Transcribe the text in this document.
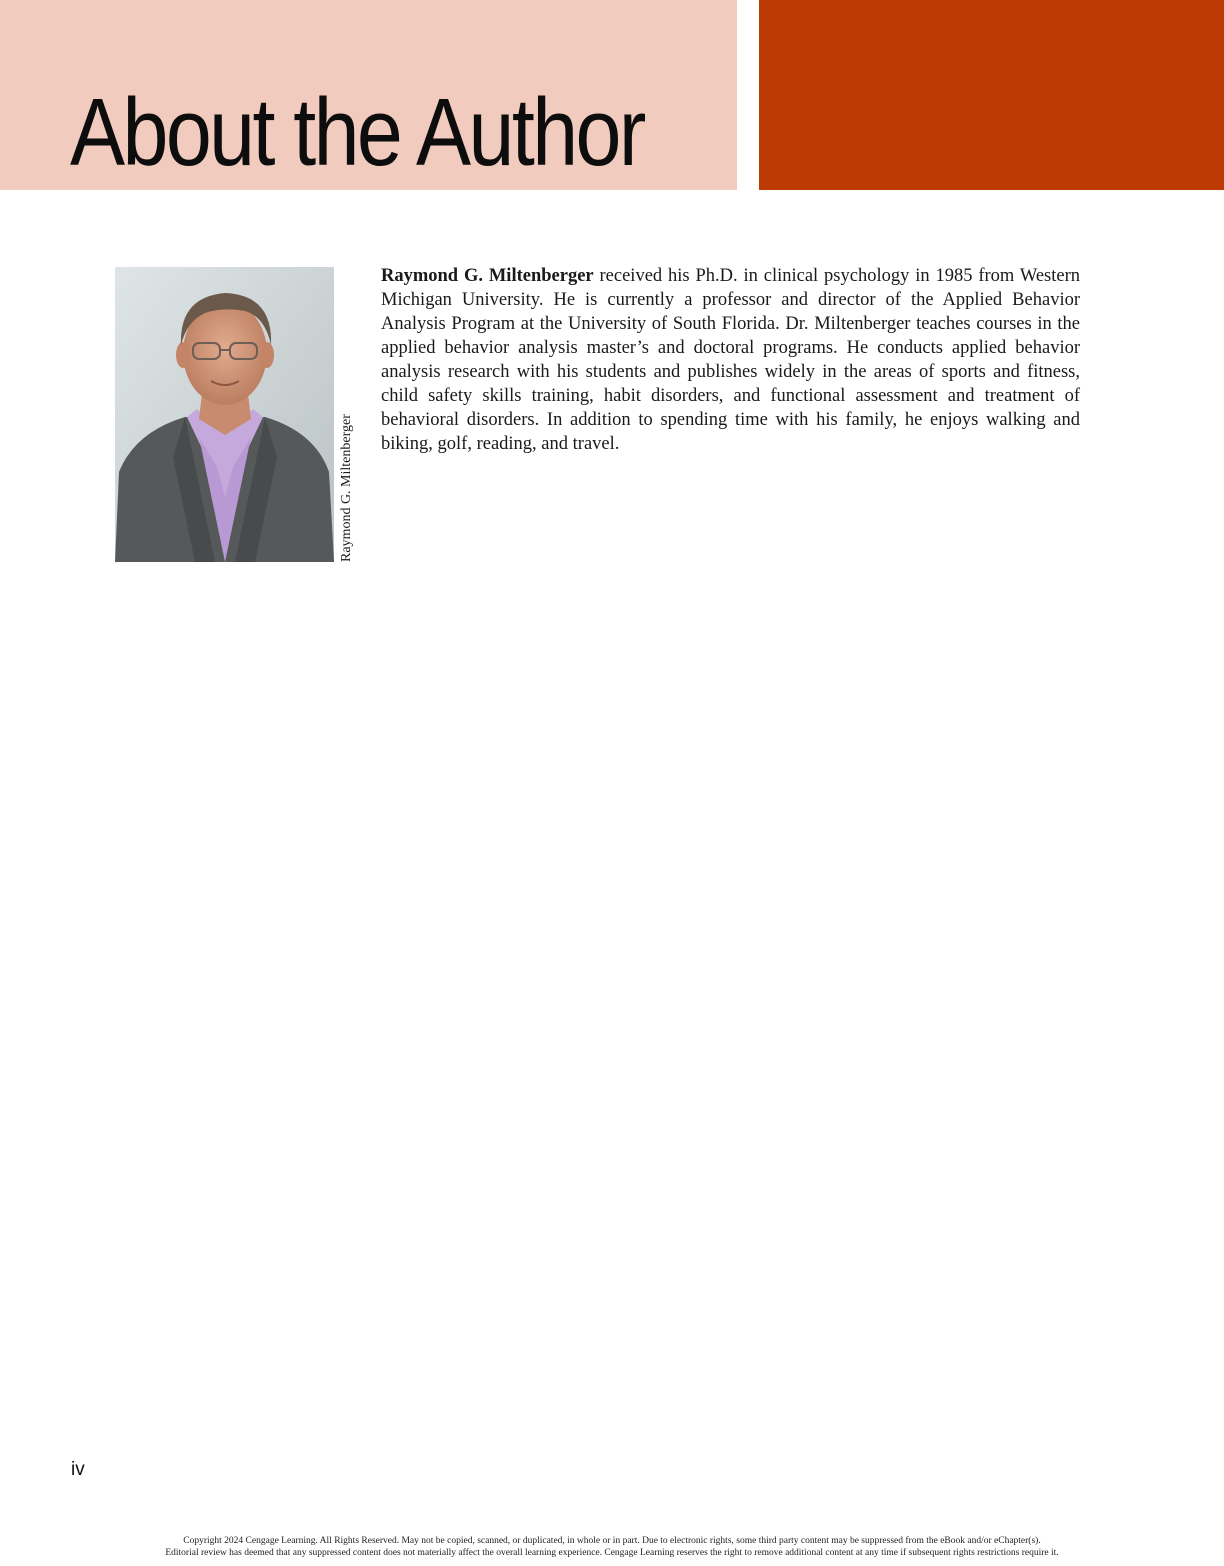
About the Author
Raymond G. Miltenberger

Raymond G. Miltenberger received his Ph.D. in clinical psychology in 1985 from Western Michigan University. He is currently a professor and director of the Applied Behavior Analysis Program at the University of South Florida. Dr. Miltenberger teaches courses in the applied behavior analysis master’s and doctoral programs. He conducts applied behavior analysis research with his students and publishes widely in the areas of sports and fitness, child safety skills training, habit disorders, and functional assessment and treatment of behavioral disorders. In addition to spending time with his family, he enjoys walking and biking, golf, reading, and travel.

iv
Copyright 2024 Cengage Learning. All Rights Reserved. May not be copied, scanned, or duplicated, in whole or in part. Due to electronic rights, some third party content may be suppressed from the eBook and/or eChapter(s).
Editorial review has deemed that any suppressed content does not materially affect the overall learning experience. Cengage Learning reserves the right to remove additional content at any time if subsequent rights restrictions require it.
